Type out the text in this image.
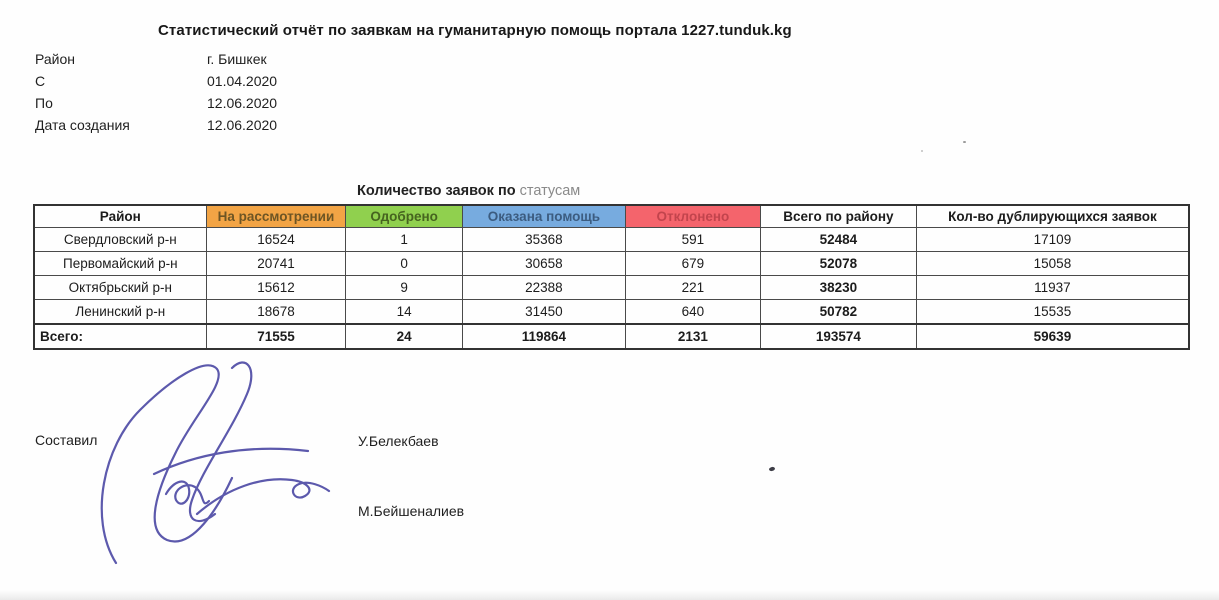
Статистический отчёт по заявкам на гуманитарную помощь портала 1227.tunduk.kg
Район	г. Бишкек
С	01.04.2020
По	12.06.2020
Дата создания	12.06.2020
Количество заявок по статусам
Район	На рассмотрении	Одобрено	Оказана помощь	Отклонено	Всего по району	Кол-во дублирующихся заявок
Свердловский р-н	16524	1	35368	591	52484	17109
Первомайский р-н	20741	0	30658	679	52078	15058
Октябрьский р-н	15612	9	22388	221	38230	11937
Ленинский р-н	18678	14	31450	640	50782	15535
Всего:	71555	24	119864	2131	193574	59639
Составил	У.Белекбаев
М.Бейшеналиев
